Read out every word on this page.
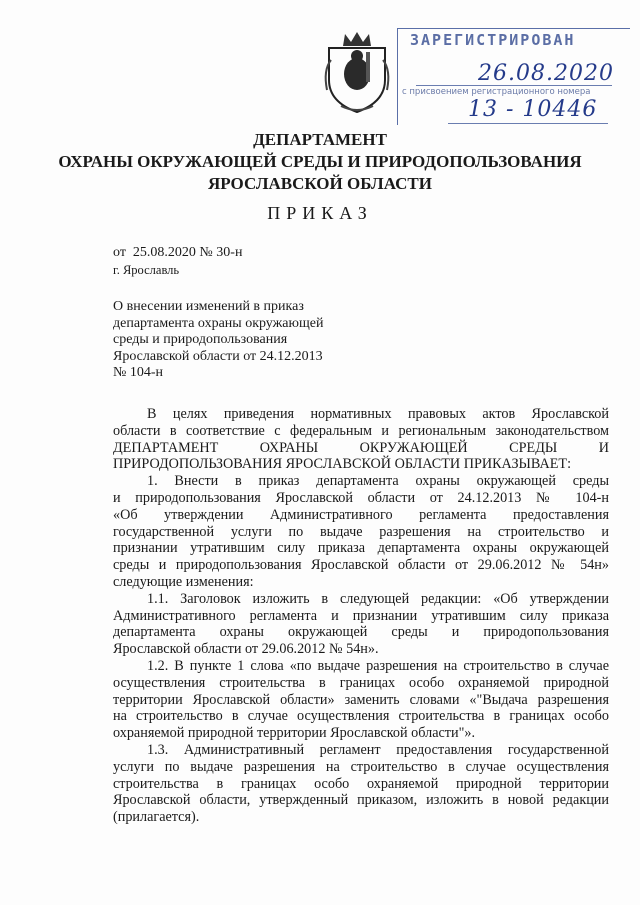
ЗАРЕГИСТРИРОВАН
26.08.2020
с присвоением регистрационного номера
13 - 10446
ДЕПАРТАМЕНТ
ОХРАНЫ ОКРУЖАЮЩЕЙ СРЕДЫ И ПРИРОДОПОЛЬЗОВАНИЯ
ЯРОСЛАВСКОЙ ОБЛАСТИ
ПРИКАЗ
от  25.08.2020 № 30-н
г. Ярославль
О внесении изменений в приказ
департамента охраны окружающей
среды и природопользования
Ярославской области от 24.12.2013
№ 104-н

В целях приведения нормативных правовых актов Ярославской

области в соответствие с федеральным и региональным законодательством

ДЕПАРТАМЕНТ ОХРАНЫ ОКРУЖАЮЩЕЙ СРЕДЫ И

ПРИРОДОПОЛЬЗОВАНИЯ ЯРОСЛАВСКОЙ ОБЛАСТИ ПРИКАЗЫВАЕТ:

1. Внести в приказ департамента охраны окружающей среды

и природопользования Ярославской области от 24.12.2013 № 104-н

«Об утверждении Административного регламента предоставления

государственной услуги по выдаче разрешения на строительство и

признании утратившим силу приказа департамента охраны окружающей

среды и природопользования Ярославской области от 29.06.2012 № 54н»

следующие изменения:

1.1. Заголовок изложить в следующей редакции: «Об утверждении

Административного регламента и признании утратившим силу приказа

департамента охраны окружающей среды и природопользования

Ярославской области от 29.06.2012 № 54н».

1.2. В пункте 1 слова «по выдаче разрешения на строительство в случае

осуществления строительства в границах особо охраняемой природной

территории Ярославской области» заменить словами «"Выдача разрешения

на строительство в случае осуществления строительства в границах особо

охраняемой природной территории Ярославской области"».

1.3. Административный регламент предоставления государственной

услуги по выдаче разрешения на строительство в случае осуществления

строительства в границах особо охраняемой природной территории

Ярославской области, утвержденный приказом, изложить в новой редакции

(прилагается).
